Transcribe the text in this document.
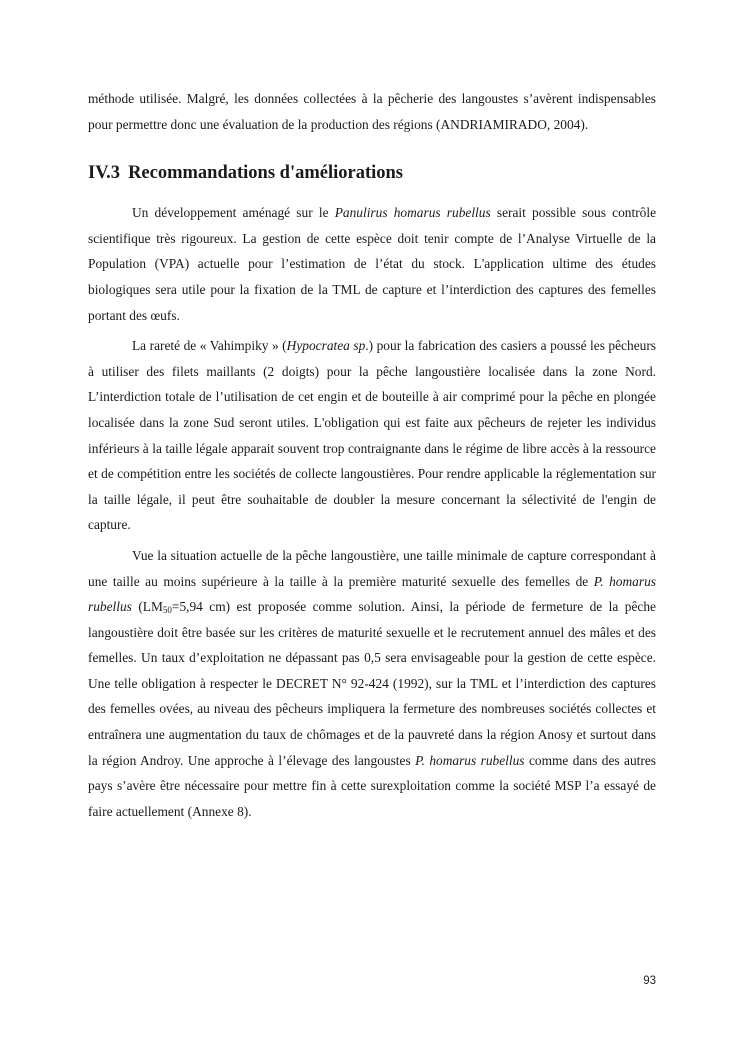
méthode utilisée. Malgré, les données collectées à la pêcherie des langoustes s’avèrent indispensables pour permettre donc une évaluation de la production des régions (ANDRIAMIRADO, 2004).

IV.3 Recommandations d'améliorations

Un développement aménagé sur le Panulirus homarus rubellus serait possible sous contrôle scientifique très rigoureux. La gestion de cette espèce doit tenir compte de l’Analyse Virtuelle de la Population (VPA) actuelle pour l’estimation de l’état du stock. L'application ultime des études biologiques sera utile pour la fixation de la TML de capture et l’interdiction des captures des femelles portant des œufs.

La rareté de « Vahimpiky » (Hypocratea sp.) pour la fabrication des casiers a poussé les pêcheurs à utiliser des filets maillants (2 doigts) pour la pêche langoustière localisée dans la zone Nord. L’interdiction totale de l’utilisation de cet engin et de bouteille à air comprimé pour la pêche en plongée localisée dans la zone Sud seront utiles. L'obligation qui est faite aux pêcheurs de rejeter les individus inférieurs à la taille légale apparait souvent trop contraignante dans le régime de libre accès à la ressource et de compétition entre les sociétés de collecte langoustières. Pour rendre applicable la réglementation sur la taille légale, il peut être souhaitable de doubler la mesure concernant la sélectivité de l'engin de capture.

Vue la situation actuelle de la pêche langoustière, une taille minimale de capture correspondant à une taille au moins supérieure à la taille à la première maturité sexuelle des femelles de P. homarus rubellus ($LM_{50}=5,94$ cm) est proposée comme solution. Ainsi, la période de fermeture de la pêche langoustière doit être basée sur les critères de maturité sexuelle et le recrutement annuel des mâles et des femelles. Un taux d’exploitation ne dépassant pas 0,5 sera envisageable pour la gestion de cette espèce. Une telle obligation à respecter le DECRET N° 92-424 (1992), sur la TML et l’interdiction des captures des femelles ovées, au niveau des pêcheurs impliquera la fermeture des nombreuses sociétés collectes et entraînera une augmentation du taux de chômages et de la pauvreté dans la région Anosy et surtout dans la région Androy. Une approche à l’élevage des langoustes P. homarus rubellus comme dans des autres pays s’avère être nécessaire pour mettre fin à cette surexploitation comme la société MSP l’a essayé de faire actuellement (Annexe 8).

93
